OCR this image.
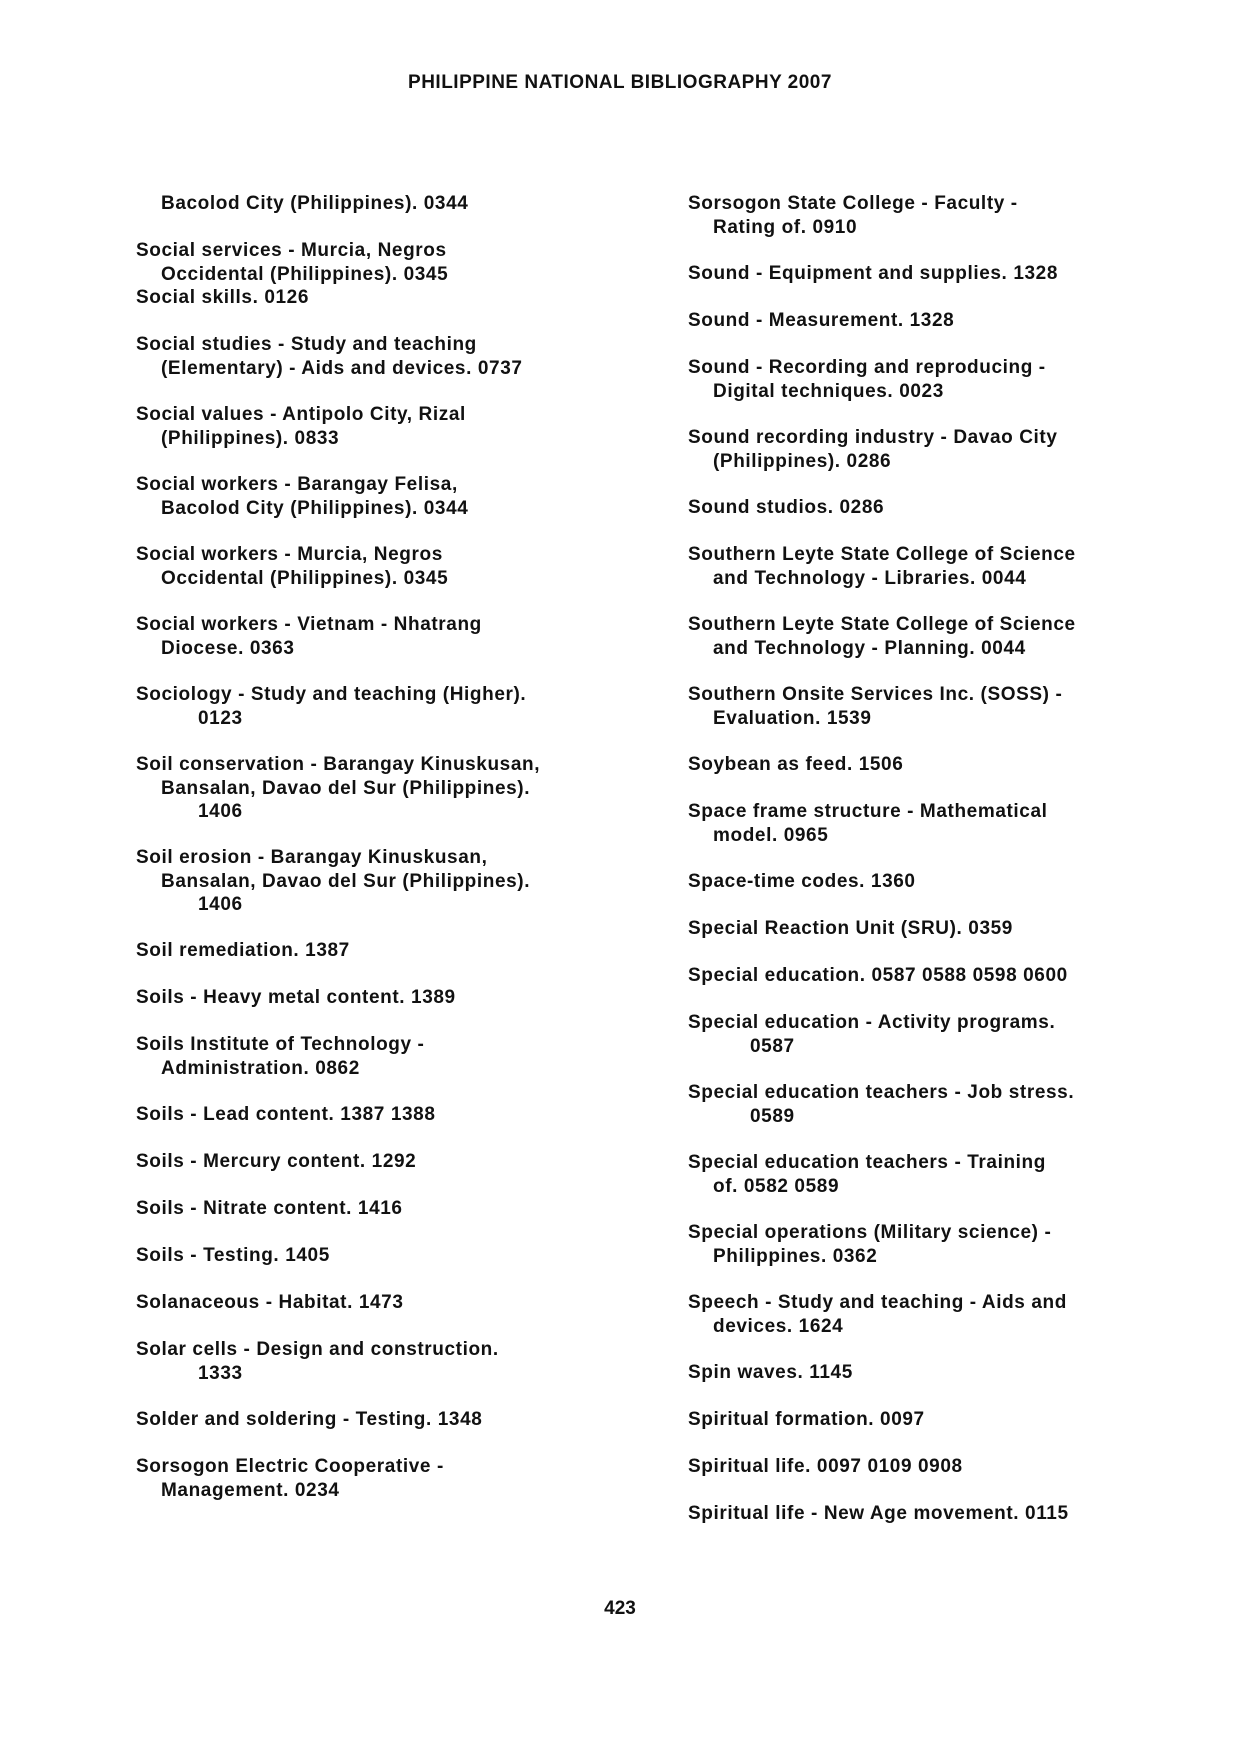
PHILIPPINE NATIONAL BIBLIOGRAPHY 2007
Bacolod City (Philippines). 0344
Social services - Murcia, Negros
Occidental (Philippines). 0345
Social skills. 0126
Social studies - Study and teaching
(Elementary) - Aids and devices. 0737
Social values - Antipolo City, Rizal
(Philippines). 0833
Social workers - Barangay Felisa,
Bacolod City (Philippines). 0344
Social workers - Murcia, Negros
Occidental (Philippines). 0345
Social workers - Vietnam - Nhatrang
Diocese. 0363
Sociology - Study and teaching (Higher).
0123
Soil conservation - Barangay Kinuskusan,
Bansalan, Davao del Sur (Philippines).
1406
Soil erosion - Barangay Kinuskusan,
Bansalan, Davao del Sur (Philippines).
1406
Soil remediation. 1387
Soils - Heavy metal content. 1389
Soils Institute of Technology -
Administration. 0862
Soils - Lead content. 1387 1388
Soils - Mercury content. 1292
Soils - Nitrate content. 1416
Soils - Testing. 1405
Solanaceous - Habitat. 1473
Solar cells - Design and construction.
1333
Solder and soldering - Testing. 1348
Sorsogon Electric Cooperative -
Management. 0234
Sorsogon State College - Faculty -
Rating of. 0910
Sound - Equipment and supplies. 1328
Sound - Measurement. 1328
Sound - Recording and reproducing -
Digital techniques. 0023
Sound recording industry - Davao City
(Philippines). 0286
Sound studios. 0286
Southern Leyte State College of Science
and Technology - Libraries. 0044
Southern Leyte State College of Science
and Technology - Planning. 0044
Southern Onsite Services Inc. (SOSS) -
Evaluation. 1539
Soybean as feed. 1506
Space frame structure - Mathematical
model. 0965
Space-time codes. 1360
Special Reaction Unit (SRU). 0359
Special education. 0587 0588 0598 0600
Special education - Activity programs.
0587
Special education teachers - Job stress.
0589
Special education teachers - Training
of. 0582 0589
Special operations (Military science) -
Philippines. 0362
Speech - Study and teaching - Aids and
devices. 1624
Spin waves. 1145
Spiritual formation. 0097
Spiritual life. 0097 0109 0908
Spiritual life - New Age movement. 0115
423
